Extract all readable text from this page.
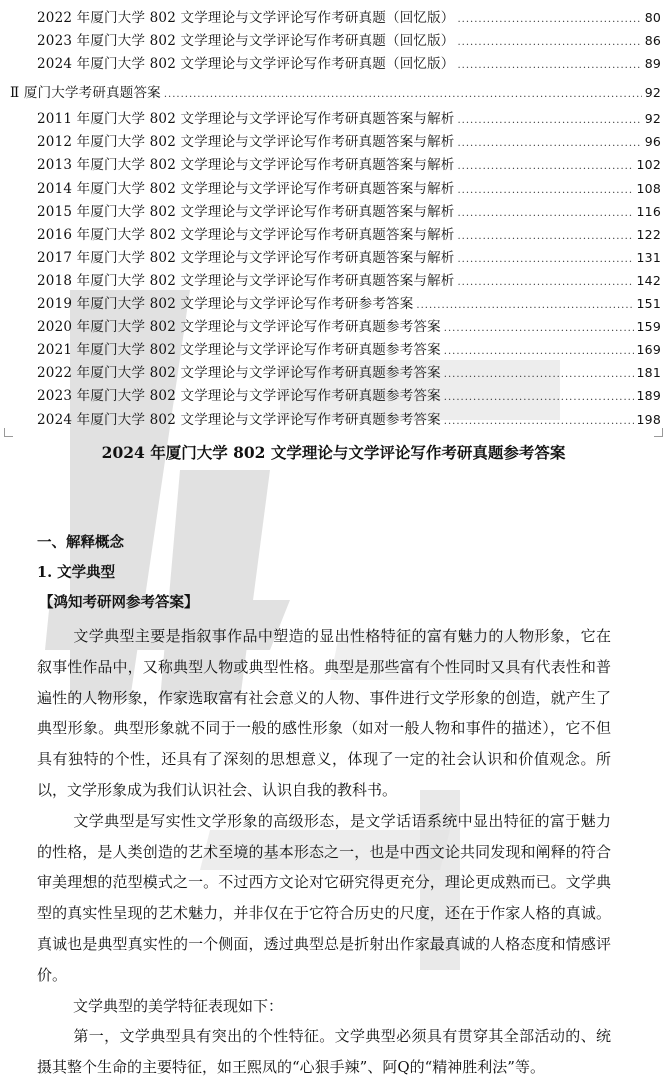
2022 年厦门大学 802 文学理论与文学评论写作考研真题（回忆版） .....	80
2023 年厦门大学 802 文学理论与文学评论写作考研真题（回忆版） .....	86
2024 年厦门大学 802 文学理论与文学评论写作考研真题（回忆版） .....	89
Ⅱ 厦门大学考研真题答案 .....	92
2011 年厦门大学 802 文学理论与文学评论写作考研真题答案与解析 .....	92
2012 年厦门大学 802 文学理论与文学评论写作考研真题答案与解析 .....	96
2013 年厦门大学 802 文学理论与文学评论写作考研真题答案与解析 .....	102
2014 年厦门大学 802 文学理论与文学评论写作考研真题答案与解析 .....	108
2015 年厦门大学 802 文学理论与文学评论写作考研真题答案与解析 .....	116
2016 年厦门大学 802 文学理论与文学评论写作考研真题答案与解析 .....	122
2017 年厦门大学 802 文学理论与文学评论写作考研真题答案与解析 .....	131
2018 年厦门大学 802 文学理论与文学评论写作考研真题答案与解析 .....	142
2019 年厦门大学 802 文学理论与文学评论写作考研参考答案 .....	151
2020 年厦门大学 802 文学理论与文学评论写作考研真题参考答案 .....	159
2021 年厦门大学 802 文学理论与文学评论写作考研真题参考答案 .....	169
2022 年厦门大学 802 文学理论与文学评论写作考研真题参考答案 .....	181
2023 年厦门大学 802 文学理论与文学评论写作考研真题参考答案 .....	189
2024 年厦门大学 802 文学理论与文学评论写作考研真题参考答案 .....	198
2024 年厦门大学 802 文学理论与文学评论写作考研真题参考答案
一、解释概念
1. 文学典型
【鸿知考研网参考答案】

文学典型主要是指叙事作品中塑造的显出性格特征的富有魅力的人物形象，它在叙事性作品中，又称典型人物或典型性格。典型是那些富有个性同时又具有代表性和普遍性的人物形象，作家选取富有社会意义的人物、事件进行文学形象的创造，就产生了典型形象。典型形象就不同于一般的感性形象（如对一般人物和事件的描述），它不但具有独特的个性，还具有了深刻的思想意义，体现了一定的社会认识和价值观念。所以，文学形象成为我们认识社会、认识自我的教科书。

文学典型是写实性文学形象的高级形态，是文学话语系统中显出特征的富于魅力的性格，是人类创造的艺术至境的基本形态之一，也是中西文论共同发现和阐释的符合审美理想的范型模式之一。不过西方文论对它研究得更充分，理论更成熟而已。文学典型的真实性呈现的艺术魅力，并非仅在于它符合历史的尺度，还在于作家人格的真诚。真诚也是典型真实性的一个侧面，透过典型总是折射出作家最真诚的人格态度和情感评价。

文学典型的美学特征表现如下：

第一，文学典型具有突出的个性特征。文学典型必须具有贯穿其全部活动的、统摄其整个生命的主要特征，如王熙凤的“心狠手辣”、阿Q的“精神胜利法”等。
